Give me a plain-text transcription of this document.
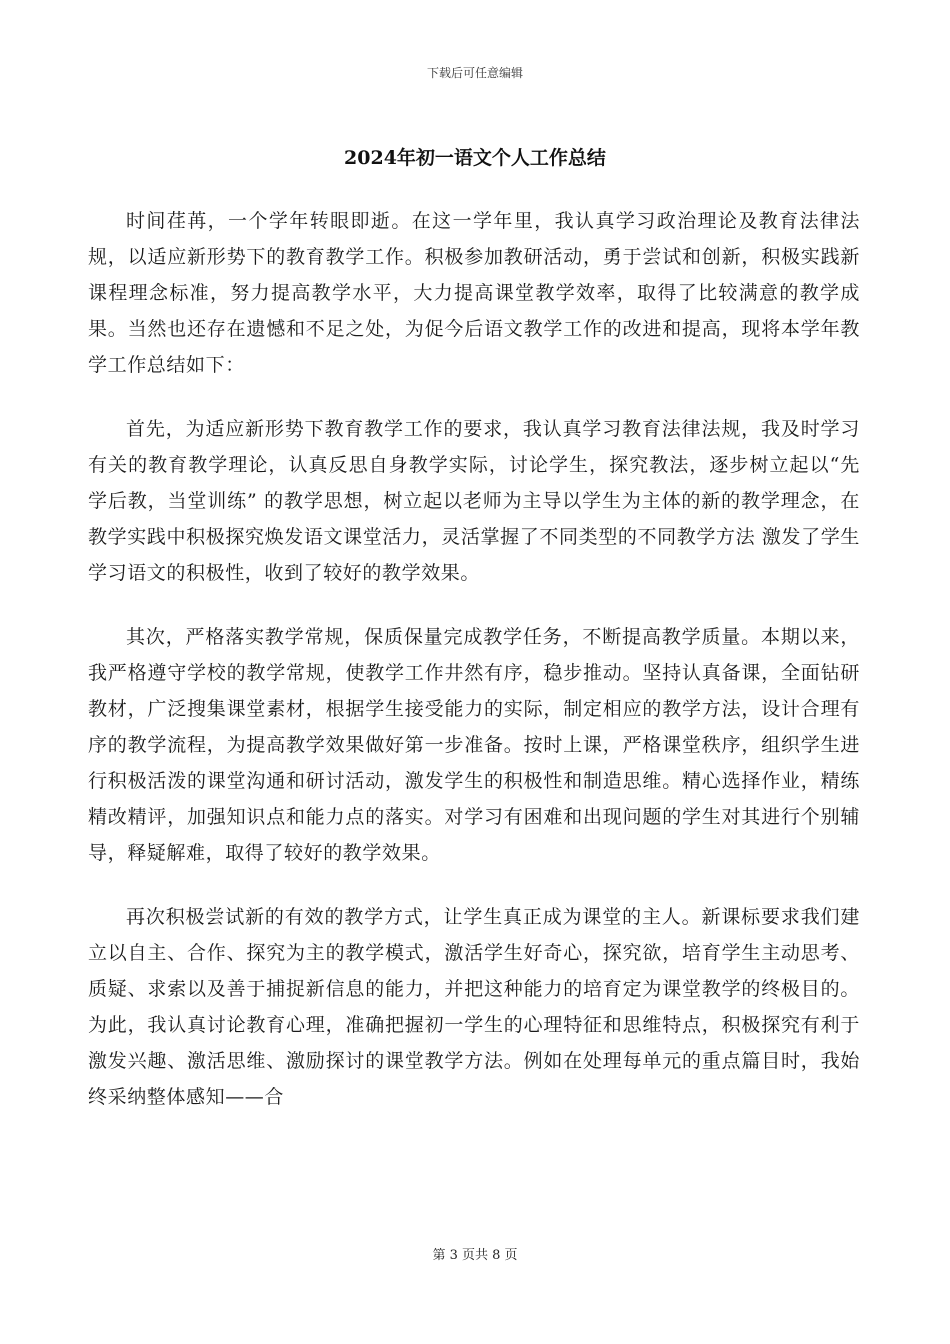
下载后可任意编辑
2024年初一语文个人工作总结

时间荏苒，一个学年转眼即逝。在这一学年里，我认真学习政治理论及教育法律法规，以适应新形势下的教育教学工作。积极参加教研活动，勇于尝试和创新，积极实践新课程理念标准，努力提高教学水平，大力提高课堂教学效率，取得了比较满意的教学成果。当然也还存在遗憾和不足之处，为促今后语文教学工作的改进和提高，现将本学年教学工作总结如下：

首先，为适应新形势下教育教学工作的要求，我认真学习教育法律法规，我及时学习有关的教育教学理论，认真反思自身教学实际，讨论学生，探究教法，逐步树立起以“先学后教，当堂训练” 的教学思想，树立起以老师为主导以学生为主体的新的教学理念，在教学实践中积极探究焕发语文课堂活力，灵活掌握了不同类型的不同教学方法 激发了学生学习语文的积极性，收到了较好的教学效果。

其次，严格落实教学常规，保质保量完成教学任务，不断提高教学质量。本期以来，我严格遵守学校的教学常规，使教学工作井然有序，稳步推动。坚持认真备课，全面钻研教材，广泛搜集课堂素材，根据学生接受能力的实际，制定相应的教学方法，设计合理有序的教学流程，为提高教学效果做好第一步准备。按时上课，严格课堂秩序，组织学生进行积极活泼的课堂沟通和研讨活动，激发学生的积极性和制造思维。精心选择作业，精练精改精评，加强知识点和能力点的落实。对学习有困难和出现问题的学生对其进行个别辅导，释疑解难，取得了较好的教学效果。

再次积极尝试新的有效的教学方式，让学生真正成为课堂的主人。新课标要求我们建立以自主、合作、探究为主的教学模式，激活学生好奇心，探究欲，培育学生主动思考、质疑、求索以及善于捕捉新信息的能力，并把这种能力的培育定为课堂教学的终极目的。为此，我认真讨论教育心理，准确把握初一学生的心理特征和思维特点，积极探究有利于激发兴趣、激活思维、激励探讨的课堂教学方法。例如在处理每单元的重点篇目时，我始终采纳整体感知——合

第 3 页共 8 页
